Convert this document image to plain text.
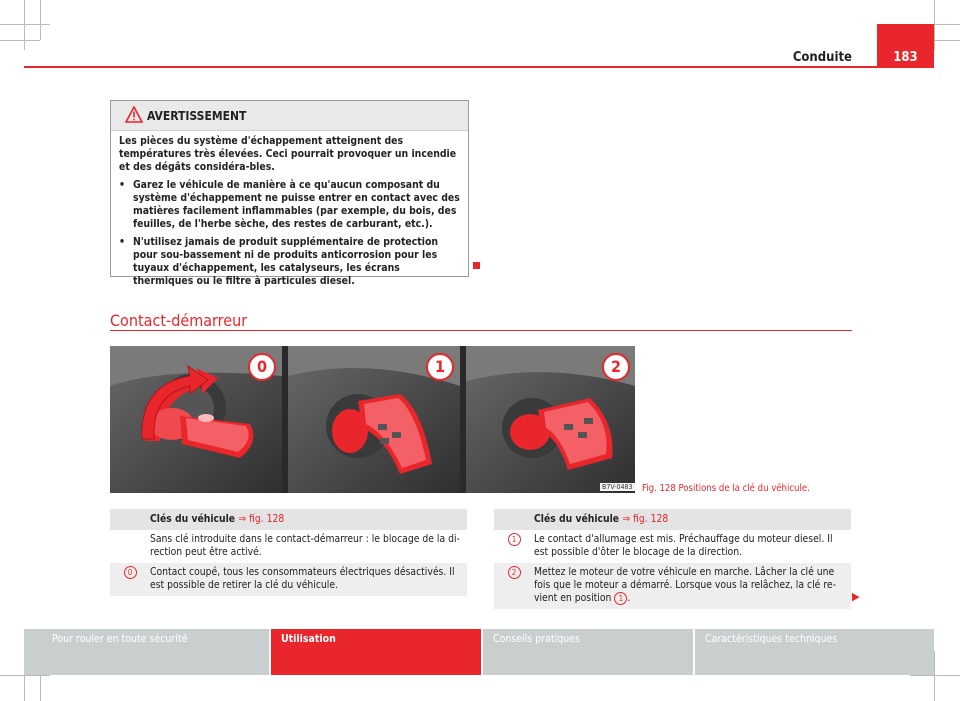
Conduite	183
AVERTISSEMENT

Les pièces du système d'échappement atteignent des températures très élevées. Ceci pourrait provoquer un incendie et des dégâts considéra-bles.

• Garez le véhicule de manière à ce qu'aucun composant du système d'échappement ne puisse entrer en contact avec des matières facilement inflammables (par exemple, du bois, des feuilles, de l'herbe sèche, des restes de carburant, etc.).

• N'utilisez jamais de produit supplémentaire de protection pour sou-bassement ni de produits anticorrosion pour les tuyaux d'échappement, les catalyseurs, les écrans thermiques ou le filtre à particules diesel.

Contact-démarreur
0	1	2
B7V-0483 Fig. 128 Positions de la clé du véhicule.
	Clés du véhicule ⇒ fig. 128
	Sans clé introduite dans le contact-démarreur : le blocage de la di-rection peut être activé.
0	Contact coupé, tous les consommateurs électriques désactivés. Il est possible de retirer la clé du véhicule.
	Clés du véhicule ⇒ fig. 128
1	Le contact d'allumage est mis. Préchauffage du moteur diesel. Il est possible d'ôter le blocage de la direction.
2	Mettez le moteur de votre véhicule en marche. Lâcher la clé une fois que le moteur a démarré. Lorsque vous la relâchez, la clé re-vient en position 1 .	▶
Pour rouler en toute sécurité	Utilisation	Conseils pratiques	Caractéristiques techniques
